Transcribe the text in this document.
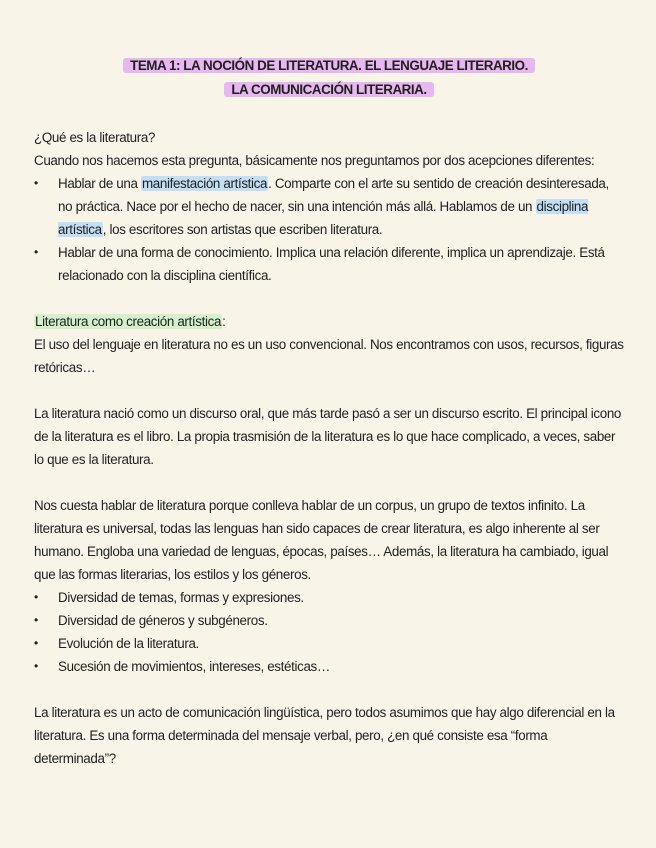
TEMA 1: LA NOCIÓN DE LITERATURA. EL LENGUAJE LITERARIO.
LA COMUNICACIÓN LITERARIA.

¿Qué es la literatura?

Cuando nos hacemos esta pregunta, básicamente nos preguntamos por dos acepciones diferentes:

• Hablar de una manifestación artística. Comparte con el arte su sentido de creación desinteresada, no práctica. Nace por el hecho de nacer, sin una intención más allá. Hablamos de un disciplina artística, los escritores son artistas que escriben literatura.
• Hablar de una forma de conocimiento. Implica una relación diferente, implica un aprendizaje. Está relacionado con la disciplina científica.

Literatura como creación artística:

El uso del lenguaje en literatura no es un uso convencional. Nos encontramos con usos, recursos, figuras retóricas…

La literatura nació como un discurso oral, que más tarde pasó a ser un discurso escrito. El principal icono de la literatura es el libro. La propia trasmisión de la literatura es lo que hace complicado, a veces, saber lo que es la literatura.

Nos cuesta hablar de literatura porque conlleva hablar de un corpus, un grupo de textos infinito. La literatura es universal, todas las lenguas han sido capaces de crear literatura, es algo inherente al ser humano. Engloba una variedad de lenguas, épocas, países… Además, la literatura ha cambiado, igual que las formas literarias, los estilos y los géneros.

• Diversidad de temas, formas y expresiones.
• Diversidad de géneros y subgéneros.
• Evolución de la literatura.
• Sucesión de movimientos, intereses, estéticas…

La literatura es un acto de comunicación lingüística, pero todos asumimos que hay algo diferencial en la literatura. Es una forma determinada del mensaje verbal, pero, ¿en qué consiste esa “forma determinada”?
